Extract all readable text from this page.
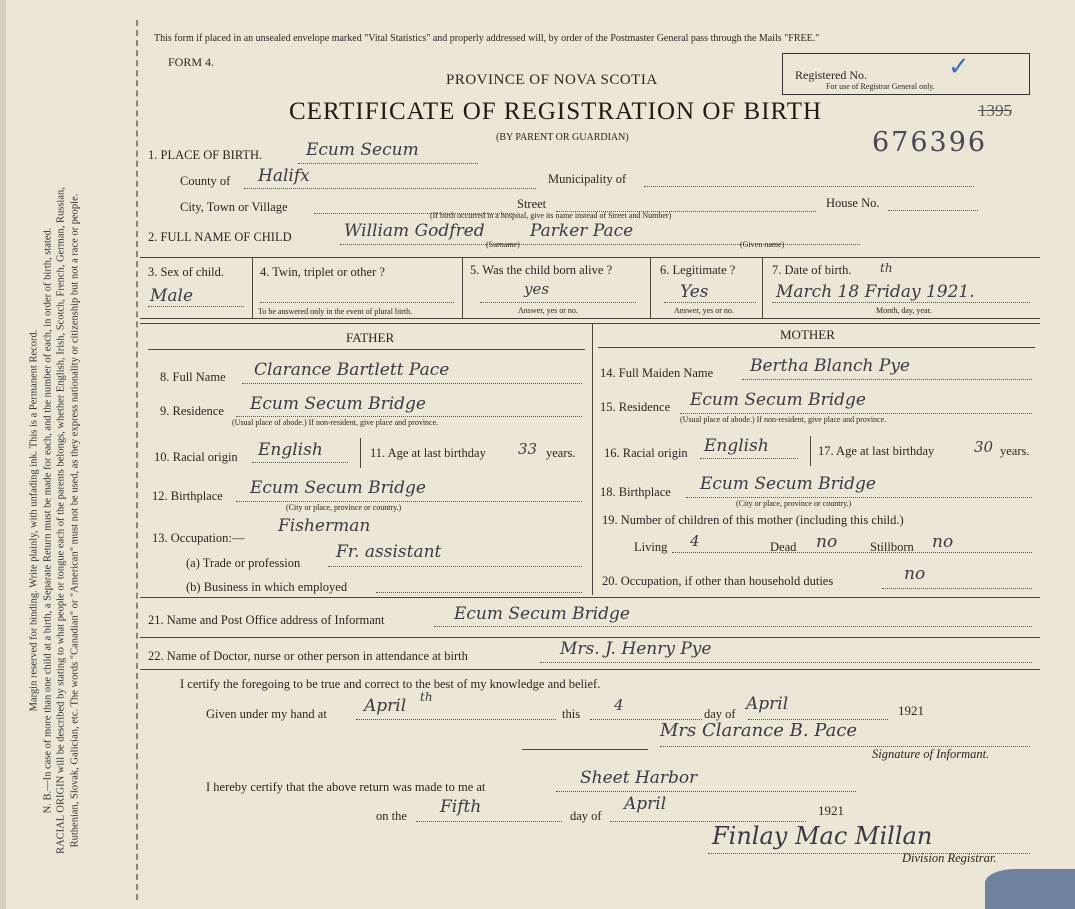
Margin reserved for binding. Write plainly, with unfading ink. This is a Permanent Record. N. B.—In case of more than one child at a birth, a Separate Return must be made for each, and the number of each, in order of birth, stated. RACIAL ORIGIN will be described by stating to what people or tongue each of the parents belongs, whether English, Irish, Scotch, French, German, Russian, Ruthenian, Slovak, Galician, etc. The words "Canadian" or "American" must not be used, as they express nationality or citizenship but not a race or people.
This form if placed in an unsealed envelope marked "Vital Statistics" and properly addressed will, by order of the Postmaster General pass through the Mails "FREE."
FORM 4.
PROVINCE OF NOVA SCOTIA
CERTIFICATE OF REGISTRATION OF BIRTH
(BY PARENT OR GUARDIAN)
Registered No.
For use of Registrar General only.
✓
1395
676396
1. PLACE OF BIRTH.	Ecum Secum
County of Halifx	Municipality of
City, Town or Village	Street	House No.
(If birth occurred in a hospital, give its name instead of Street and Number)
2. FULL NAME OF CHILD	William Godfred	Parker Pace
(Surname)	(Given name)
3. Sex of child.
Male
4. Twin, triplet or other ?
To be answered only in the event of plural birth.
5. Was the child born alive ?
yes
Answer, yes or no.
6. Legitimate ?
Yes
Answer, yes or no.
7. Date of birth.
March 18 Friday 1921.
th
Month, day, year.
FATHER	MOTHER
8. Full Name Clarance Bartlett Pace
9. Residence Ecum Secum Bridge
(Usual place of abode.) If non-resident, give place and province.
10. Racial origin English	11. Age at last birthday 33 years.
12. Birthplace Ecum Secum Bridge
(City or place, province or country.)
13. Occupation:—
Fisherman
(a) Trade or profession
Fr. assistant
(b) Business in which employed
14. Full Maiden Name Bertha Blanch Pye
15. Residence Ecum Secum Bridge
(Usual place of abode.) If non-resident, give place and province.
16. Racial origin English	17. Age at last birthday	30 years.
18. Birthplace Ecum Secum Bridge
(City or place, province or country.)
19. Number of children of this mother (including this child.)
Living 4	Dead no	Stillborn no
20. Occupation, if other than household duties	no
21. Name and Post Office address of Informant	Ecum Secum Bridge
22. Name of Doctor, nurse or other person in attendance at birth	Mrs. J. Henry Pye
I certify the foregoing to be true and correct to the best of my knowledge and belief.
Given under my hand at April th
this 4	day of April	1921
Mrs Clarance B. Pace
Signature of Informant.
I hereby certify that the above return was made to me at	Sheet Harbor
on the Fifth	day of
April	1921
Finlay Mac Millan
Division Registrar.
